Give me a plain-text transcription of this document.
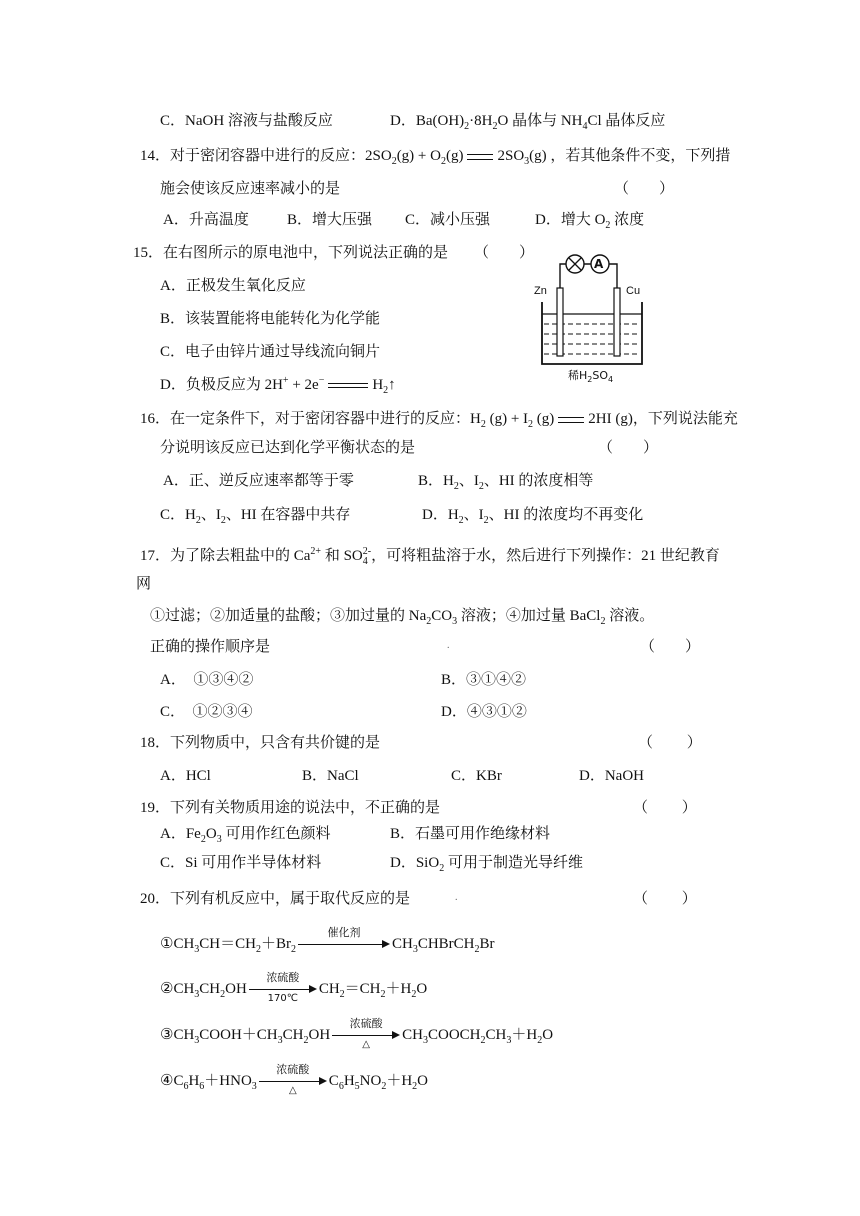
C．NaOH 溶液与盐酸反应	D．$Ba(OH)_2\cdot 8H_2O$ 晶体与 $NH_4Cl$ 晶体反应
14．对于密闭容器中进行的反应：$2SO_2(g) + O_2(g)$ $2SO_3(g)$ ，若其他条件不变，下列措
施会使该反应速率减小的是	（　　）
A．升高温度	B．增大压强 C．减小压强	D．增大 $O_2$ 浓度
15．在右图所示的原电池中，下列说法正确的是 （　　）
A．正极发生氧化反应
B．该装置能将电能转化为化学能
C．电子由锌片通过导线流向铜片
D．负极反应为 2H+ + 2e−	$H_2↑$
A
Zn	Cu
稀$H_2SO_4$
16．在一定条件下，对于密闭容器中进行的反应：$H_2$ $(g) + I_2$ (g) 2HI (g)，下列说法能充
分说明该反应已达到化学平衡状态的是	（　　）
A．正、逆反应速率都等于零	B．$H_2$、$I_2$、HI 的浓度相等
C．$H_2$、$I_2$、HI 在容器中共存	D．$H_2$、$I_2$、HI 的浓度均不再变化
17．为了除去粗盐中的 $Ca^{2+}$ 和 $SO_4^{2-}$，可将粗盐溶于水，然后进行下列操作：21 世纪教育
网
①过滤；②加适量的盐酸；③加过量的 $Na_2CO_3$ 溶液；④加过量 BaCl$_2$ 溶液。
正确的操作顺序是	.	（　　）
A．　①③④②	B．③①④②
C．　①②③④	D．④③①②
18．下列物质中，只含有共价键的是	（　　 ）
A．HCl	B．NaCl	C．KBr	D．NaOH
19．下列有关物质用途的说法中，不正确的是	（　　 ）
A．$Fe_2O_3$ 可用作红色颜料	B．石墨可用作绝缘材料
C．Si 可用作半导体材料	D．SiO$_2$ 可用于制造光导纤维
20．下列有机反应中，属于取代反应的是	.	（　　 ）
$①CH_3CH=CH_2+Br_2$
催化剂
$CH_3CHBrCH_2Br$
$②CH_3CH_2OH$
浓硫酸
170℃
$CH_2=CH_2+H_2O$
$③CH_3COOH+CH_3CH_2OH$
浓硫酸
△
$CH_3COOCH_2CH_3+H_2O$
$④C_6H_6+HNO_3$
浓硫酸
△
$C_6H_5NO_2+H_2O$
